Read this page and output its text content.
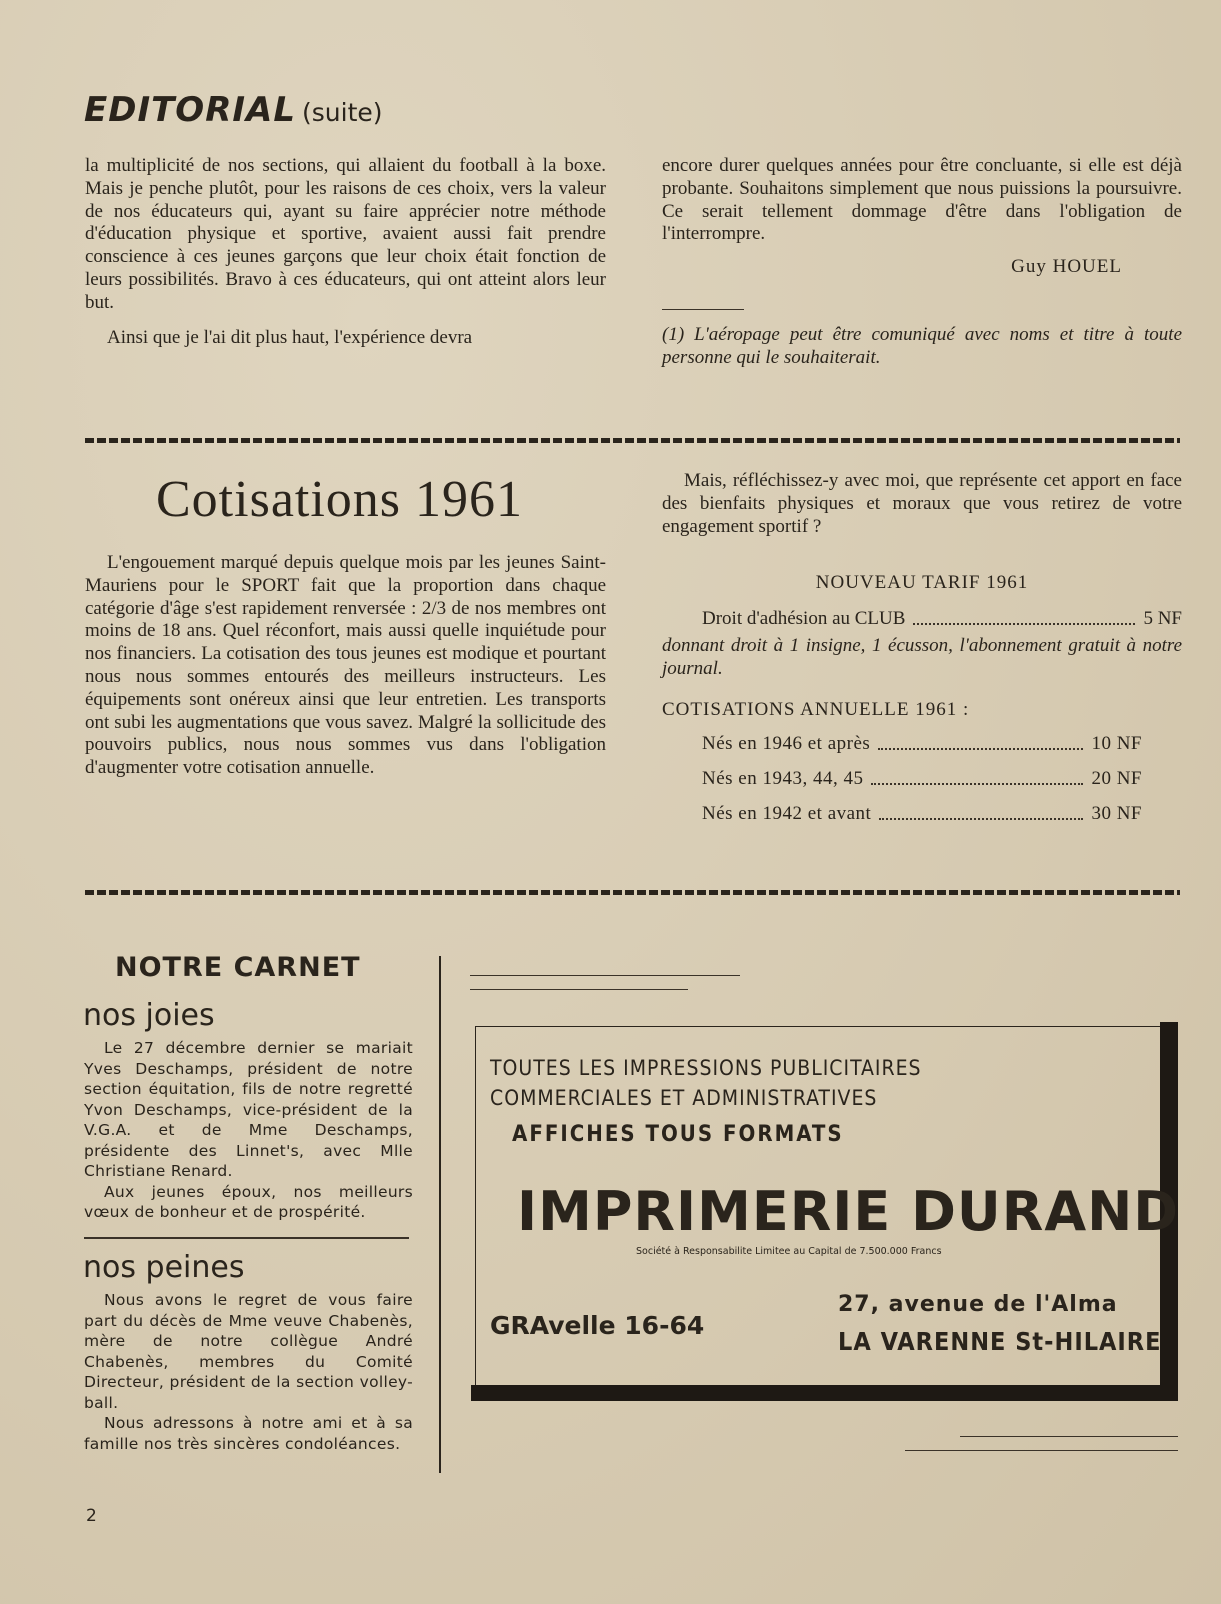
EDITORIAL (suite)

la multiplicité de nos sections, qui allaient du football à la boxe. Mais je penche plutôt, pour les raisons de ces choix, vers la valeur de nos éducateurs qui, ayant su faire apprécier notre méthode d'éducation physique et sportive, avaient aussi fait prendre conscience à ces jeunes garçons que leur choix était fonction de leurs possibilités. Bravo à ces éducateurs, qui ont atteint alors leur but.

Ainsi que je l'ai dit plus haut, l'expérience devra

encore durer quelques années pour être concluante, si elle est déjà probante. Souhaitons simplement que nous puissions la poursuivre. Ce serait tellement dommage d'être dans l'obligation de l'interrompre.

Guy HOUEL

(1) L'aéropage peut être comuniqué avec noms et titre à toute personne qui le souhaiterait.

Cotisations 1961

L'engouement marqué depuis quelque mois par les jeunes Saint-Mauriens pour le SPORT fait que la proportion dans chaque catégorie d'âge s'est rapidement renversée : 2/3 de nos membres ont moins de 18 ans. Quel réconfort, mais aussi quelle inquiétude pour nos financiers. La cotisation des tous jeunes est modique et pourtant nous nous sommes entourés des meilleurs instructeurs. Les équipements sont onéreux ainsi que leur entretien. Les transports ont subi les augmentations que vous savez. Malgré la sollicitude des pouvoirs publics, nous nous sommes vus dans l'obligation d'augmenter votre cotisation annuelle.

Mais, réfléchissez-y avec moi, que représente cet apport en face des bienfaits physiques et moraux que vous retirez de votre engagement sportif ?

NOUVEAU TARIF 1961

Droit d'adhésion au CLUB	5 NF

donnant droit à 1 insigne, 1 écusson, l'abonnement gratuit à notre journal.

COTISATIONS ANNUELLE 1961 :

Nés en 1946 et après	10 NF
Nés en 1943, 44, 45	20 NF
Nés en 1942 et avant	30 NF
NOTRE CARNET
nos joies

Le 27 décembre dernier se mariait Yves Deschamps, président de notre section équitation, fils de notre regretté Yvon Deschamps, vice-président de la V.G.A. et de Mme Deschamps, présidente des Linnet's, avec Mlle Christiane Renard.

Aux jeunes époux, nos meilleurs vœux de bonheur et de prospérité.

nos peines

Nous avons le regret de vous faire part du décès de Mme veuve Chabenès, mère de notre collègue André Chabenès, membres du Comité Directeur, président de la section volley-ball.

Nous adressons à notre ami et à sa famille nos très sincères condoléances.

TOUTES LES IMPRESSIONS PUBLICITAIRES
COMMERCIALES ET ADMINISTRATIVES
AFFICHES TOUS FORMATS
IMPRIMERIE DURAND
Société à Responsabilite Limitee au Capital de 7.500.000 Francs
GRAvelle 16-64
27, avenue de l'Alma
LA VARENNE St-HILAIRE
2
